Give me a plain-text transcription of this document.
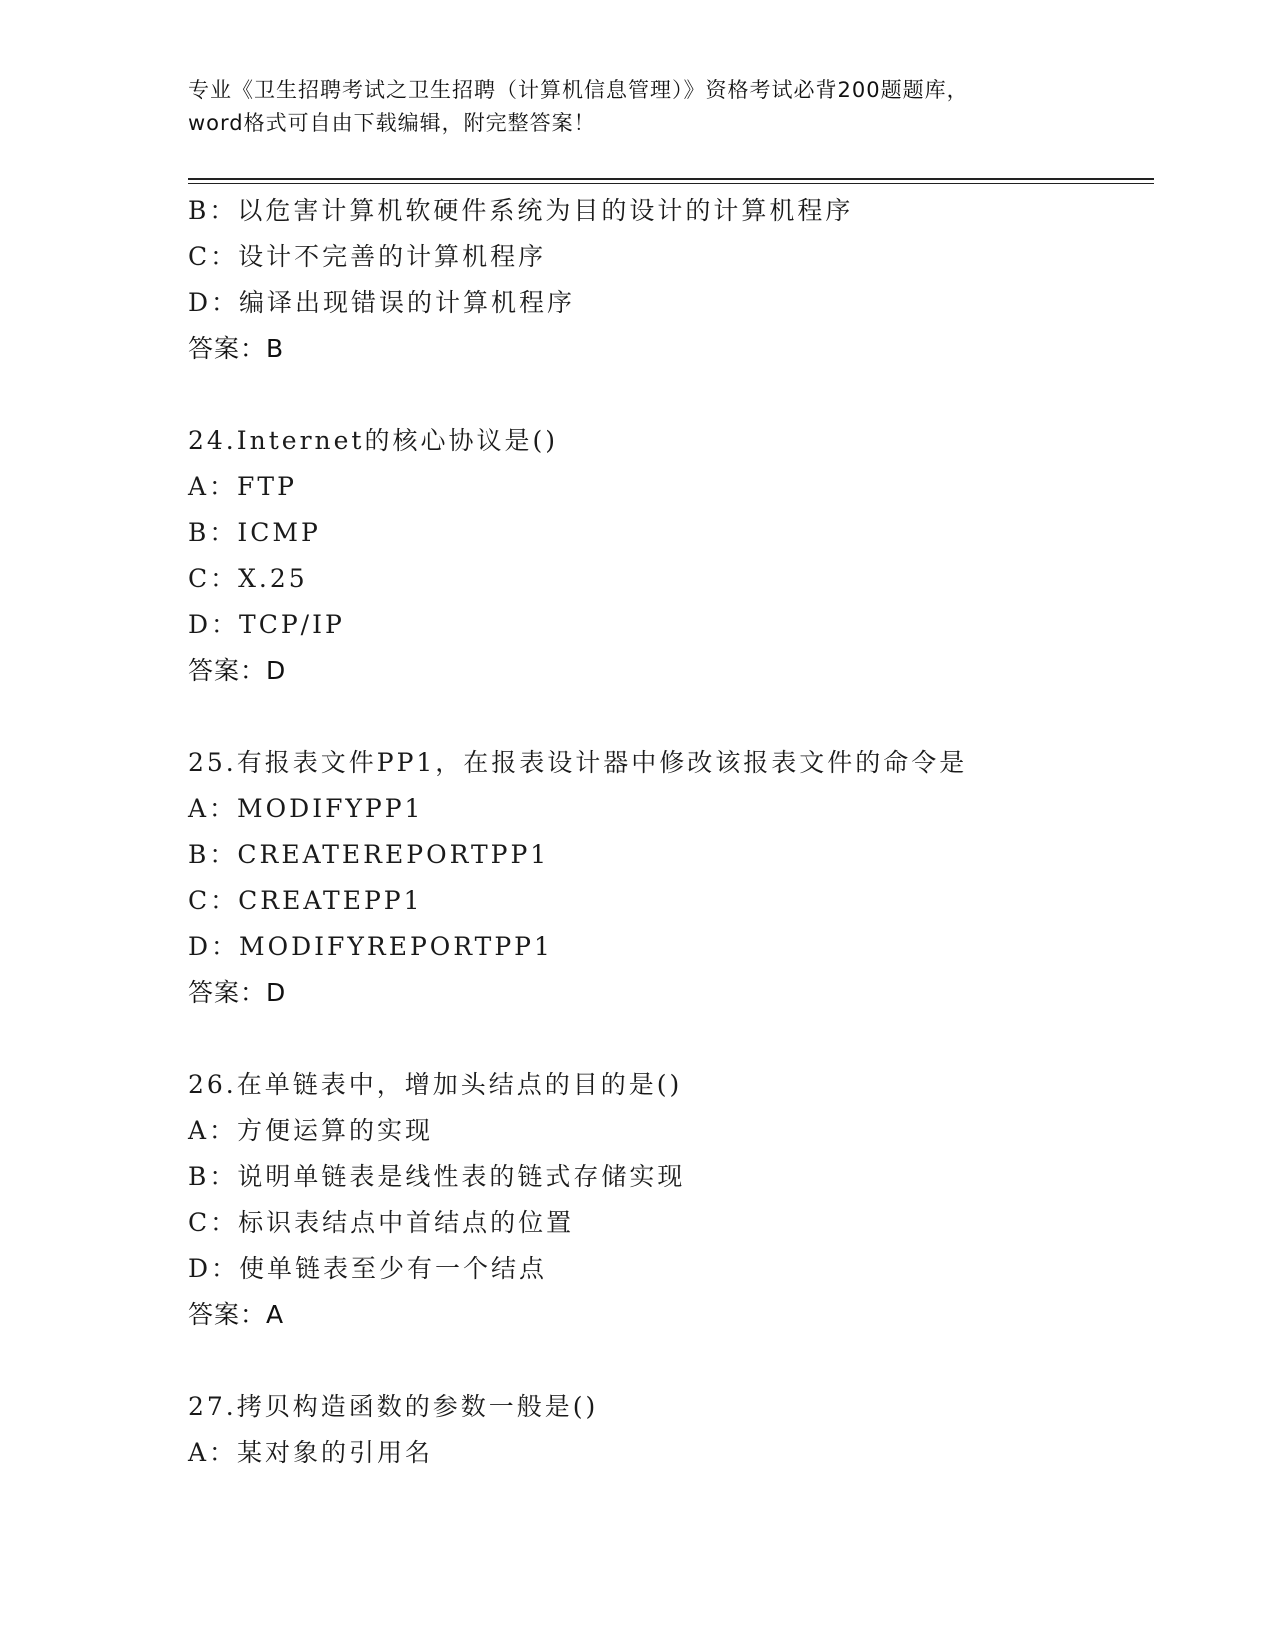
专业《卫生招聘考试之卫生招聘（计算机信息管理）》资格考试必背200题题库，
word格式可自由下载编辑，附完整答案！
B：以危害计算机软硬件系统为目的设计的计算机程序
C：设计不完善的计算机程序
D：编译出现错误的计算机程序
答案：B
24.Internet的核心协议是()
A：FTP
B：ICMP
C：X.25
D：TCP/IP
答案：D
25.有报表文件PP1，在报表设计器中修改该报表文件的命令是
A：MODIFYPP1
B：CREATEREPORTPP1
C：CREATEPP1
D：MODIFYREPORTPP1
答案：D
26.在单链表中，增加头结点的目的是()
A：方便运算的实现
B：说明单链表是线性表的链式存储实现
C：标识表结点中首结点的位置
D：使单链表至少有一个结点
答案：A
27.拷贝构造函数的参数一般是()
A：某对象的引用名
